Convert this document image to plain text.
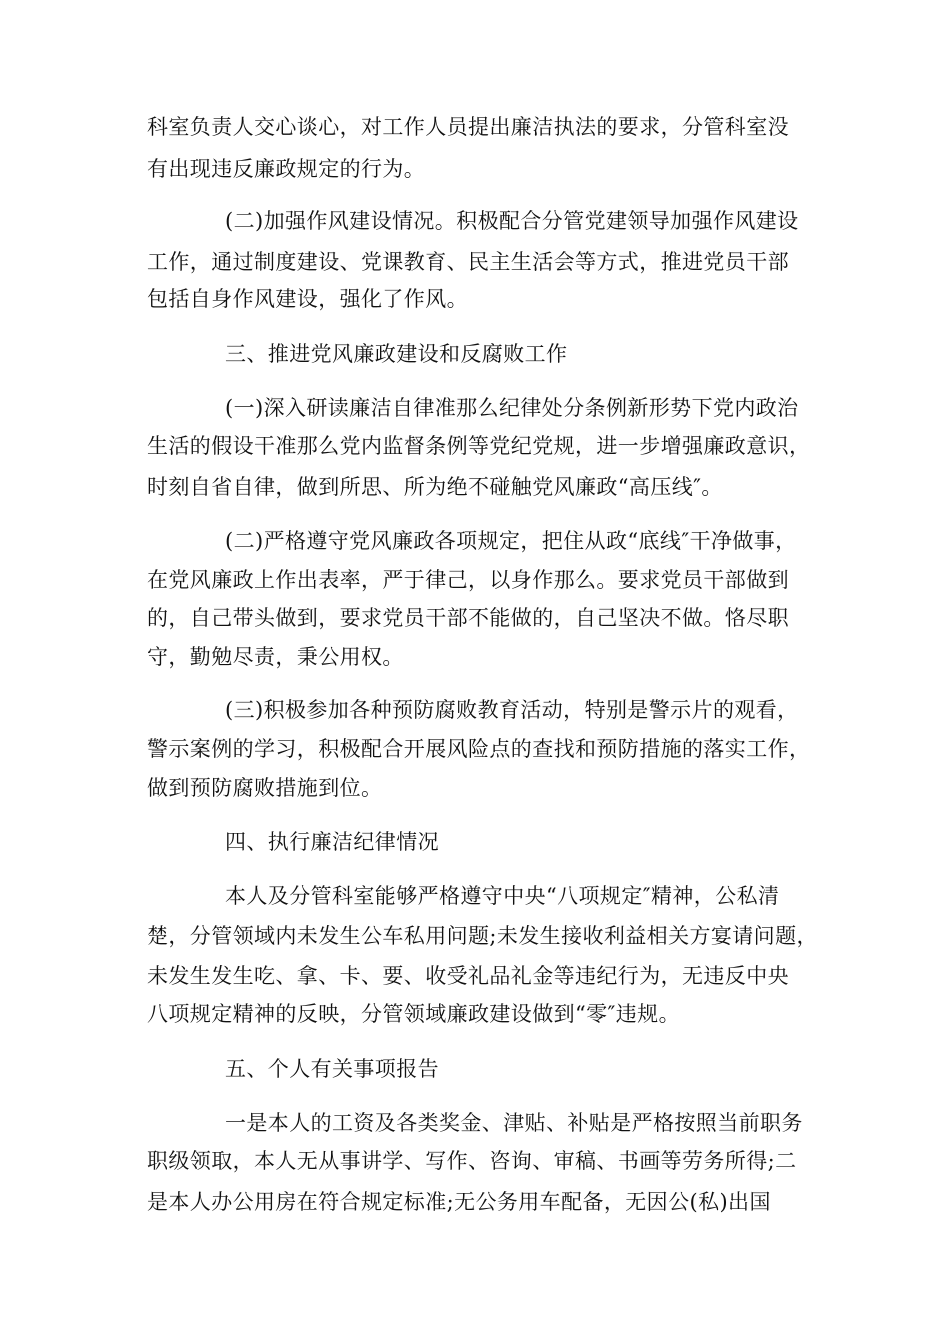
科室负责人交心谈心，对工作人员提出廉洁执法的要求，分管科室没
有出现违反廉政规定的行为。
(二)加强作风建设情况。积极配合分管党建领导加强作风建设
工作，通过制度建设、党课教育、民主生活会等方式，推进党员干部
包括自身作风建设，强化了作风。
三、推进党风廉政建设和反腐败工作
(一)深入研读廉洁自律准那么纪律处分条例新形势下党内政治
生活的假设干准那么党内监督条例等党纪党规，进一步增强廉政意识，
时刻自省自律，做到所思、所为绝不碰触党风廉政“高压线″。
(二)严格遵守党风廉政各项规定，把住从政“底线″干净做事，
在党风廉政上作出表率，严于律己，以身作那么。要求党员干部做到
的，自己带头做到，要求党员干部不能做的，自己坚决不做。恪尽职
守，勤勉尽责，秉公用权。
(三)积极参加各种预防腐败教育活动，特别是警示片的观看，
警示案例的学习，积极配合开展风险点的查找和预防措施的落实工作，
做到预防腐败措施到位。
四、执行廉洁纪律情况
本人及分管科室能够严格遵守中央“八项规定″精神，公私清
楚，分管领域内未发生公车私用问题;未发生接收利益相关方宴请问题，
未发生发生吃、拿、卡、要、收受礼品礼金等违纪行为，无违反中央
八项规定精神的反映，分管领域廉政建设做到“零″违规。
五、个人有关事项报告
一是本人的工资及各类奖金、津贴、补贴是严格按照当前职务
职级领取，本人无从事讲学、写作、咨询、审稿、书画等劳务所得;二
是本人办公用房在符合规定标准;无公务用车配备，无因公(私)出国
